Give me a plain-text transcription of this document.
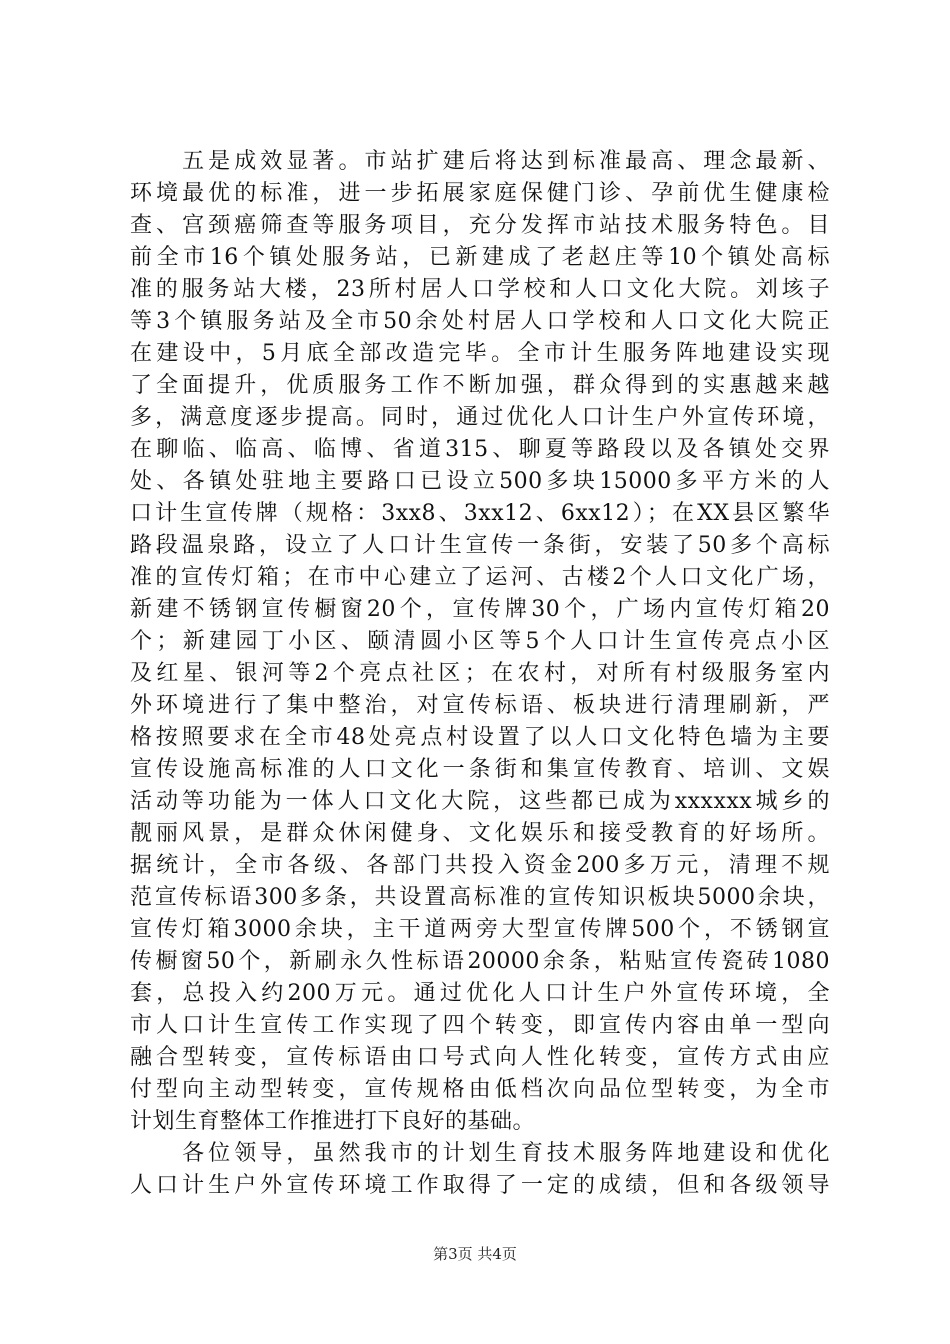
　　五是成效显著。市站扩建后将达到标准最高、理念最新、
环境最优的标准，进一步拓展家庭保健门诊、孕前优生健康检
查、宫颈癌筛查等服务项目，充分发挥市站技术服务特色。目
前全市16个镇处服务站，已新建成了老赵庄等10个镇处高标
准的服务站大楼，23所村居人口学校和人口文化大院。刘垓子
等3个镇服务站及全市50余处村居人口学校和人口文化大院正
在建设中，5月底全部改造完毕。全市计生服务阵地建设实现
了全面提升，优质服务工作不断加强，群众得到的实惠越来越
多，满意度逐步提高。同时，通过优化人口计生户外宣传环境，
在聊临、临高、临博、省道315、聊夏等路段以及各镇处交界
处、各镇处驻地主要路口已设立500多块15000多平方米的人
口计生宣传牌（规格：3xx8、3xx12、6xx12）；在XX县区繁华
路段温泉路，设立了人口计生宣传一条街，安装了50多个高标
准的宣传灯箱；在市中心建立了运河、古楼2个人口文化广场，
新建不锈钢宣传橱窗20个，宣传牌30个，广场内宣传灯箱20
个；新建园丁小区、颐清圆小区等5个人口计生宣传亮点小区
及红星、银河等2个亮点社区；在农村，对所有村级服务室内
外环境进行了集中整治，对宣传标语、板块进行清理刷新，严
格按照要求在全市48处亮点村设置了以人口文化特色墙为主要
宣传设施高标准的人口文化一条街和集宣传教育、培训、文娱
活动等功能为一体人口文化大院，这些都已成为xxxxxx城乡的
靓丽风景，是群众休闲健身、文化娱乐和接受教育的好场所。
据统计，全市各级、各部门共投入资金200多万元，清理不规
范宣传标语300多条，共设置高标准的宣传知识板块5000余块，
宣传灯箱3000余块，主干道两旁大型宣传牌500个，不锈钢宣
传橱窗50个，新刷永久性标语20000余条，粘贴宣传瓷砖1080
套，总投入约200万元。通过优化人口计生户外宣传环境，全
市人口计生宣传工作实现了四个转变，即宣传内容由单一型向
融合型转变，宣传标语由口号式向人性化转变，宣传方式由应
付型向主动型转变，宣传规格由低档次向品位型转变，为全市
计划生育整体工作推进打下良好的基础。
　　各位领导，虽然我市的计划生育技术服务阵地建设和优化
人口计生户外宣传环境工作取得了一定的成绩，但和各级领导
第3页 共4页
